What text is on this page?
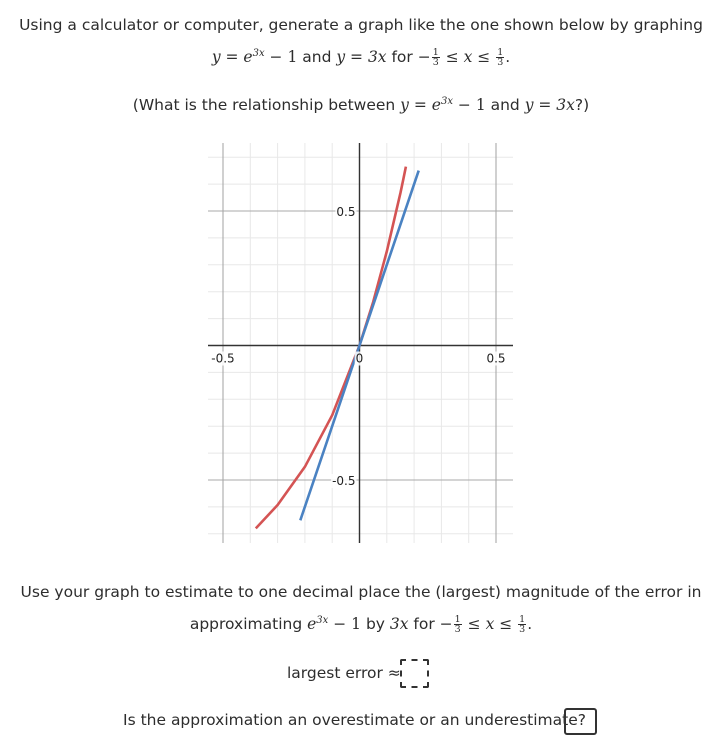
Using a calculator or computer, generate a graph like the one shown below by graphing
$y = e^{3x} - 1$ and y = 3x for − $\frac{1}{3} \le x \le \frac{1}{3}$ .
(What is the relationship between $y = e^{3x} - 1$ and y = 3x?)
-0.5	0	0.5
0.5
-0.5
Use your graph to estimate to one decimal place the (largest) magnitude of the error in
approximating $e^{3x} - 1$ by 3x for − $\frac{1}{3} \le x \le \frac{1}{3}$ .
largest error ≈
Is the approximation an overestimate or an underestimate?
